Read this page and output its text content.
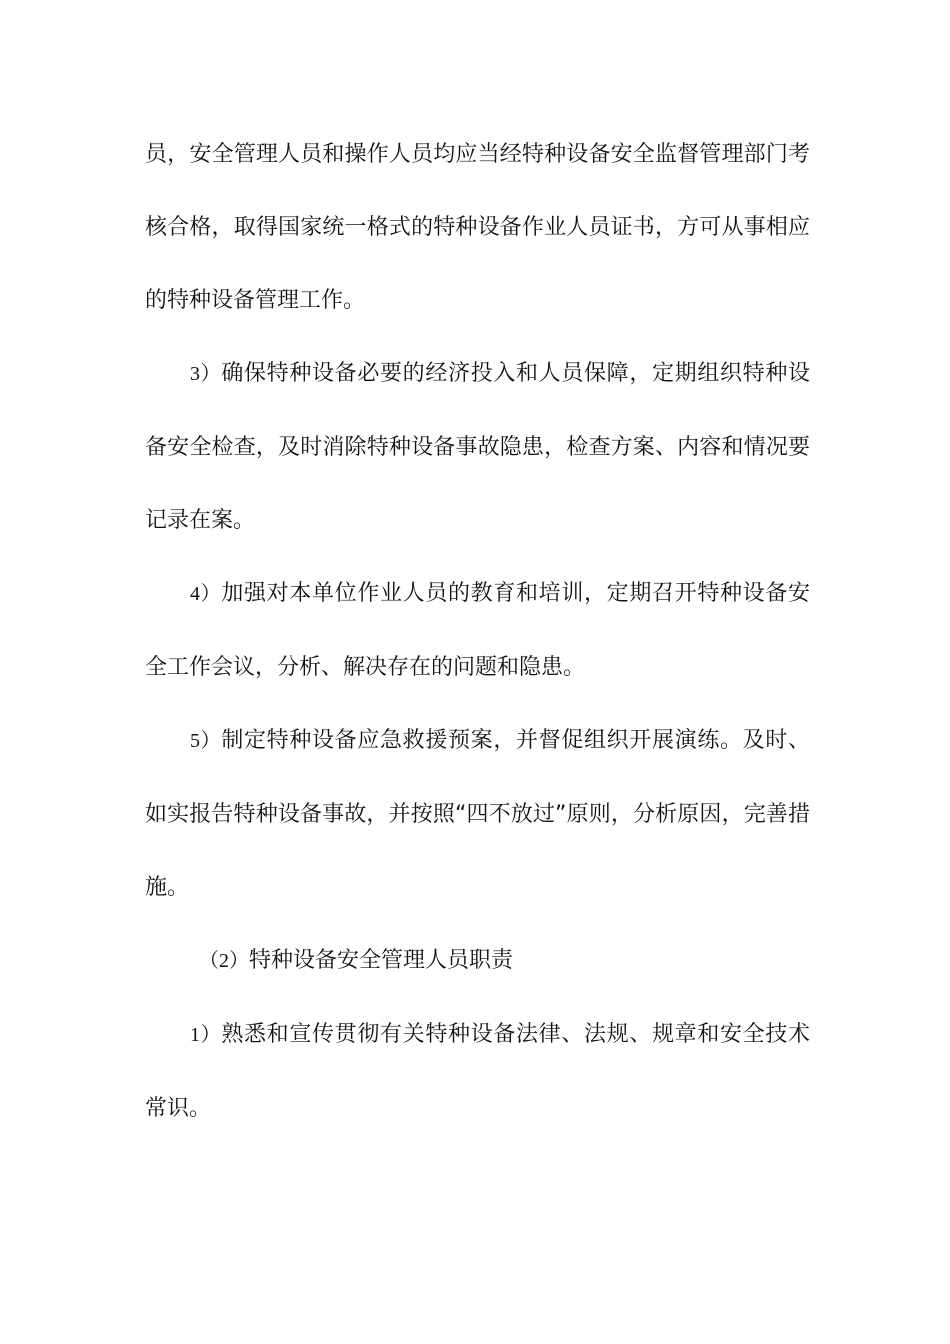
员，安全管理人员和操作人员均应当经特种设备安全监督管理部门考核合格，取得国家统一格式的特种设备作业人员证书，方可从事相应的特种设备管理工作。

3）确保特种设备必要的经济投入和人员保障，定期组织特种设备安全检查，及时消除特种设备事故隐患，检查方案、内容和情况要记录在案。

4）加强对本单位作业人员的教育和培训，定期召开特种设备安全工作会议，分析、解决存在的问题和隐患。

5）制定特种设备应急救援预案，并督促组织开展演练。及时、如实报告特种设备事故，并按照“四不放过”原则，分析原因，完善措施。

（2）特种设备安全管理人员职责

1）熟悉和宣传贯彻有关特种设备法律、法规、规章和安全技术常识。
